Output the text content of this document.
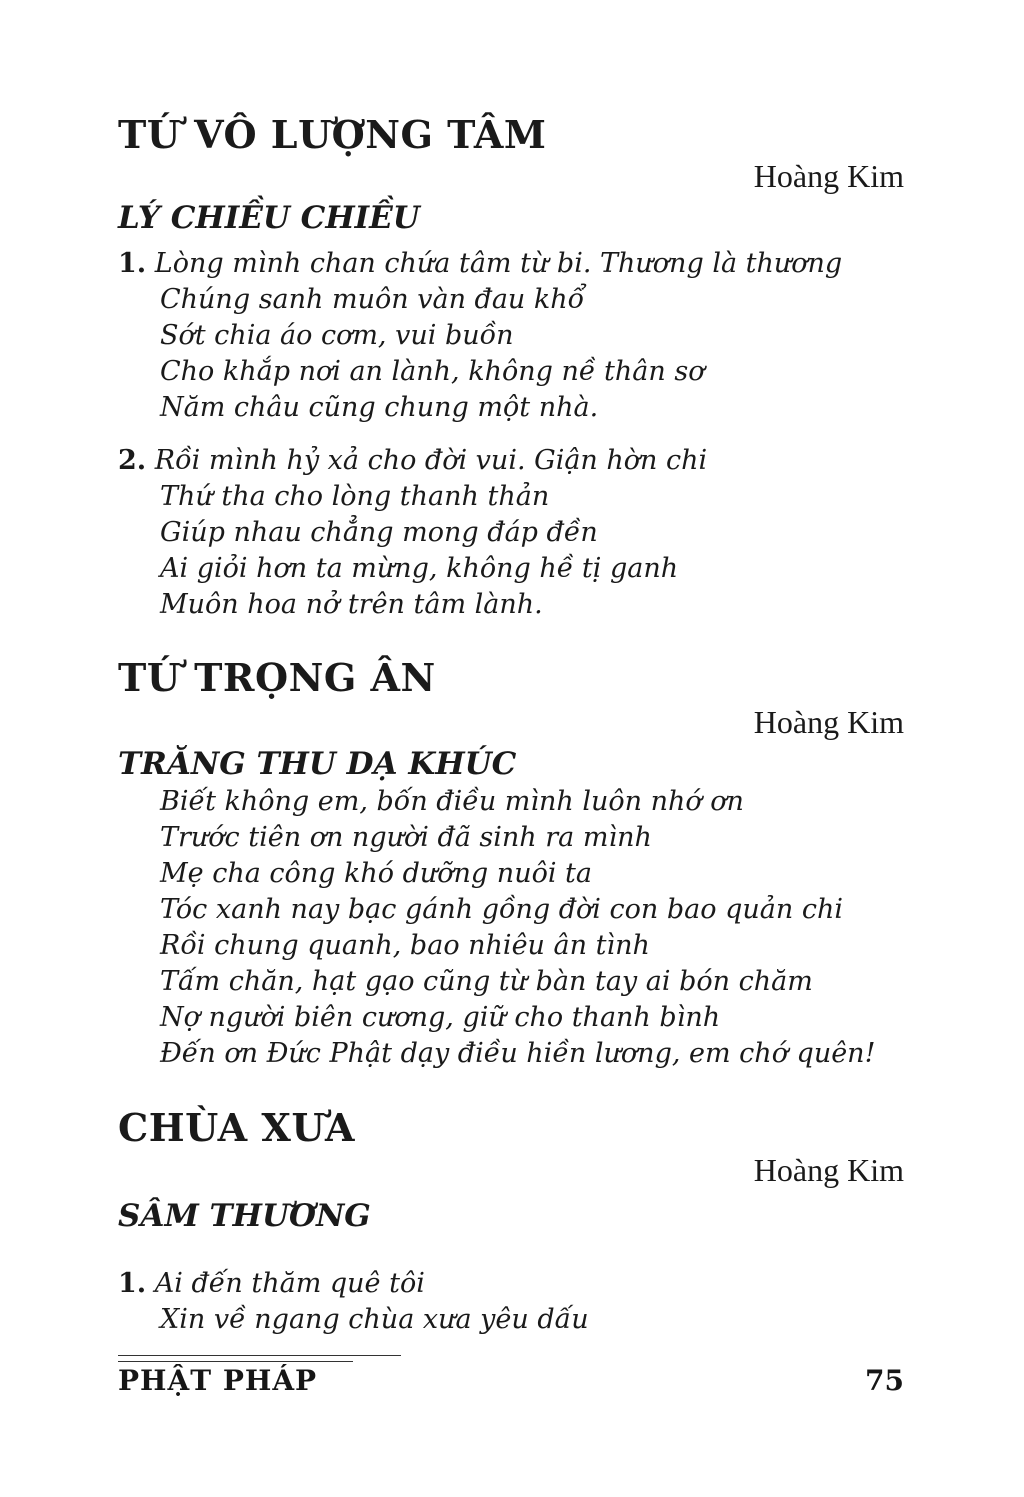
TỨ VÔ LƯỢNG TÂM
Hoàng Kim
LÝ CHIỀU CHIỀU
1. Lòng mình chan chứa tâm từ bi. Thương là thương
Chúng sanh muôn vàn đau khổ
Sớt chia áo cơm, vui buồn
Cho khắp nơi an lành, không nề thân sơ
Năm châu cũng chung một nhà.
2. Rồi mình hỷ xả cho đời vui. Giận hờn chi
Thứ tha cho lòng thanh thản
Giúp nhau chẳng mong đáp đền
Ai giỏi hơn ta mừng, không hề tị ganh
Muôn hoa nở trên tâm lành.
TỨ TRỌNG ÂN
Hoàng Kim
TRĂNG THU DẠ KHÚC
Biết không em, bốn điều mình luôn nhớ ơn
Trước tiên ơn người đã sinh ra mình
Mẹ cha công khó dưỡng nuôi ta
Tóc xanh nay bạc gánh gồng đời con bao quản chi
Rồi chung quanh, bao nhiêu ân tình
Tấm chăn, hạt gạo cũng từ bàn tay ai bón chăm
Nợ người biên cương, giữ cho thanh bình
Đến ơn Đức Phật dạy điều hiền lương, em chớ quên!
CHÙA XƯA
Hoàng Kim
SÂM THƯƠNG
1. Ai đến thăm quê tôi
Xin về ngang chùa xưa yêu dấu
PHẬT PHÁP	75
